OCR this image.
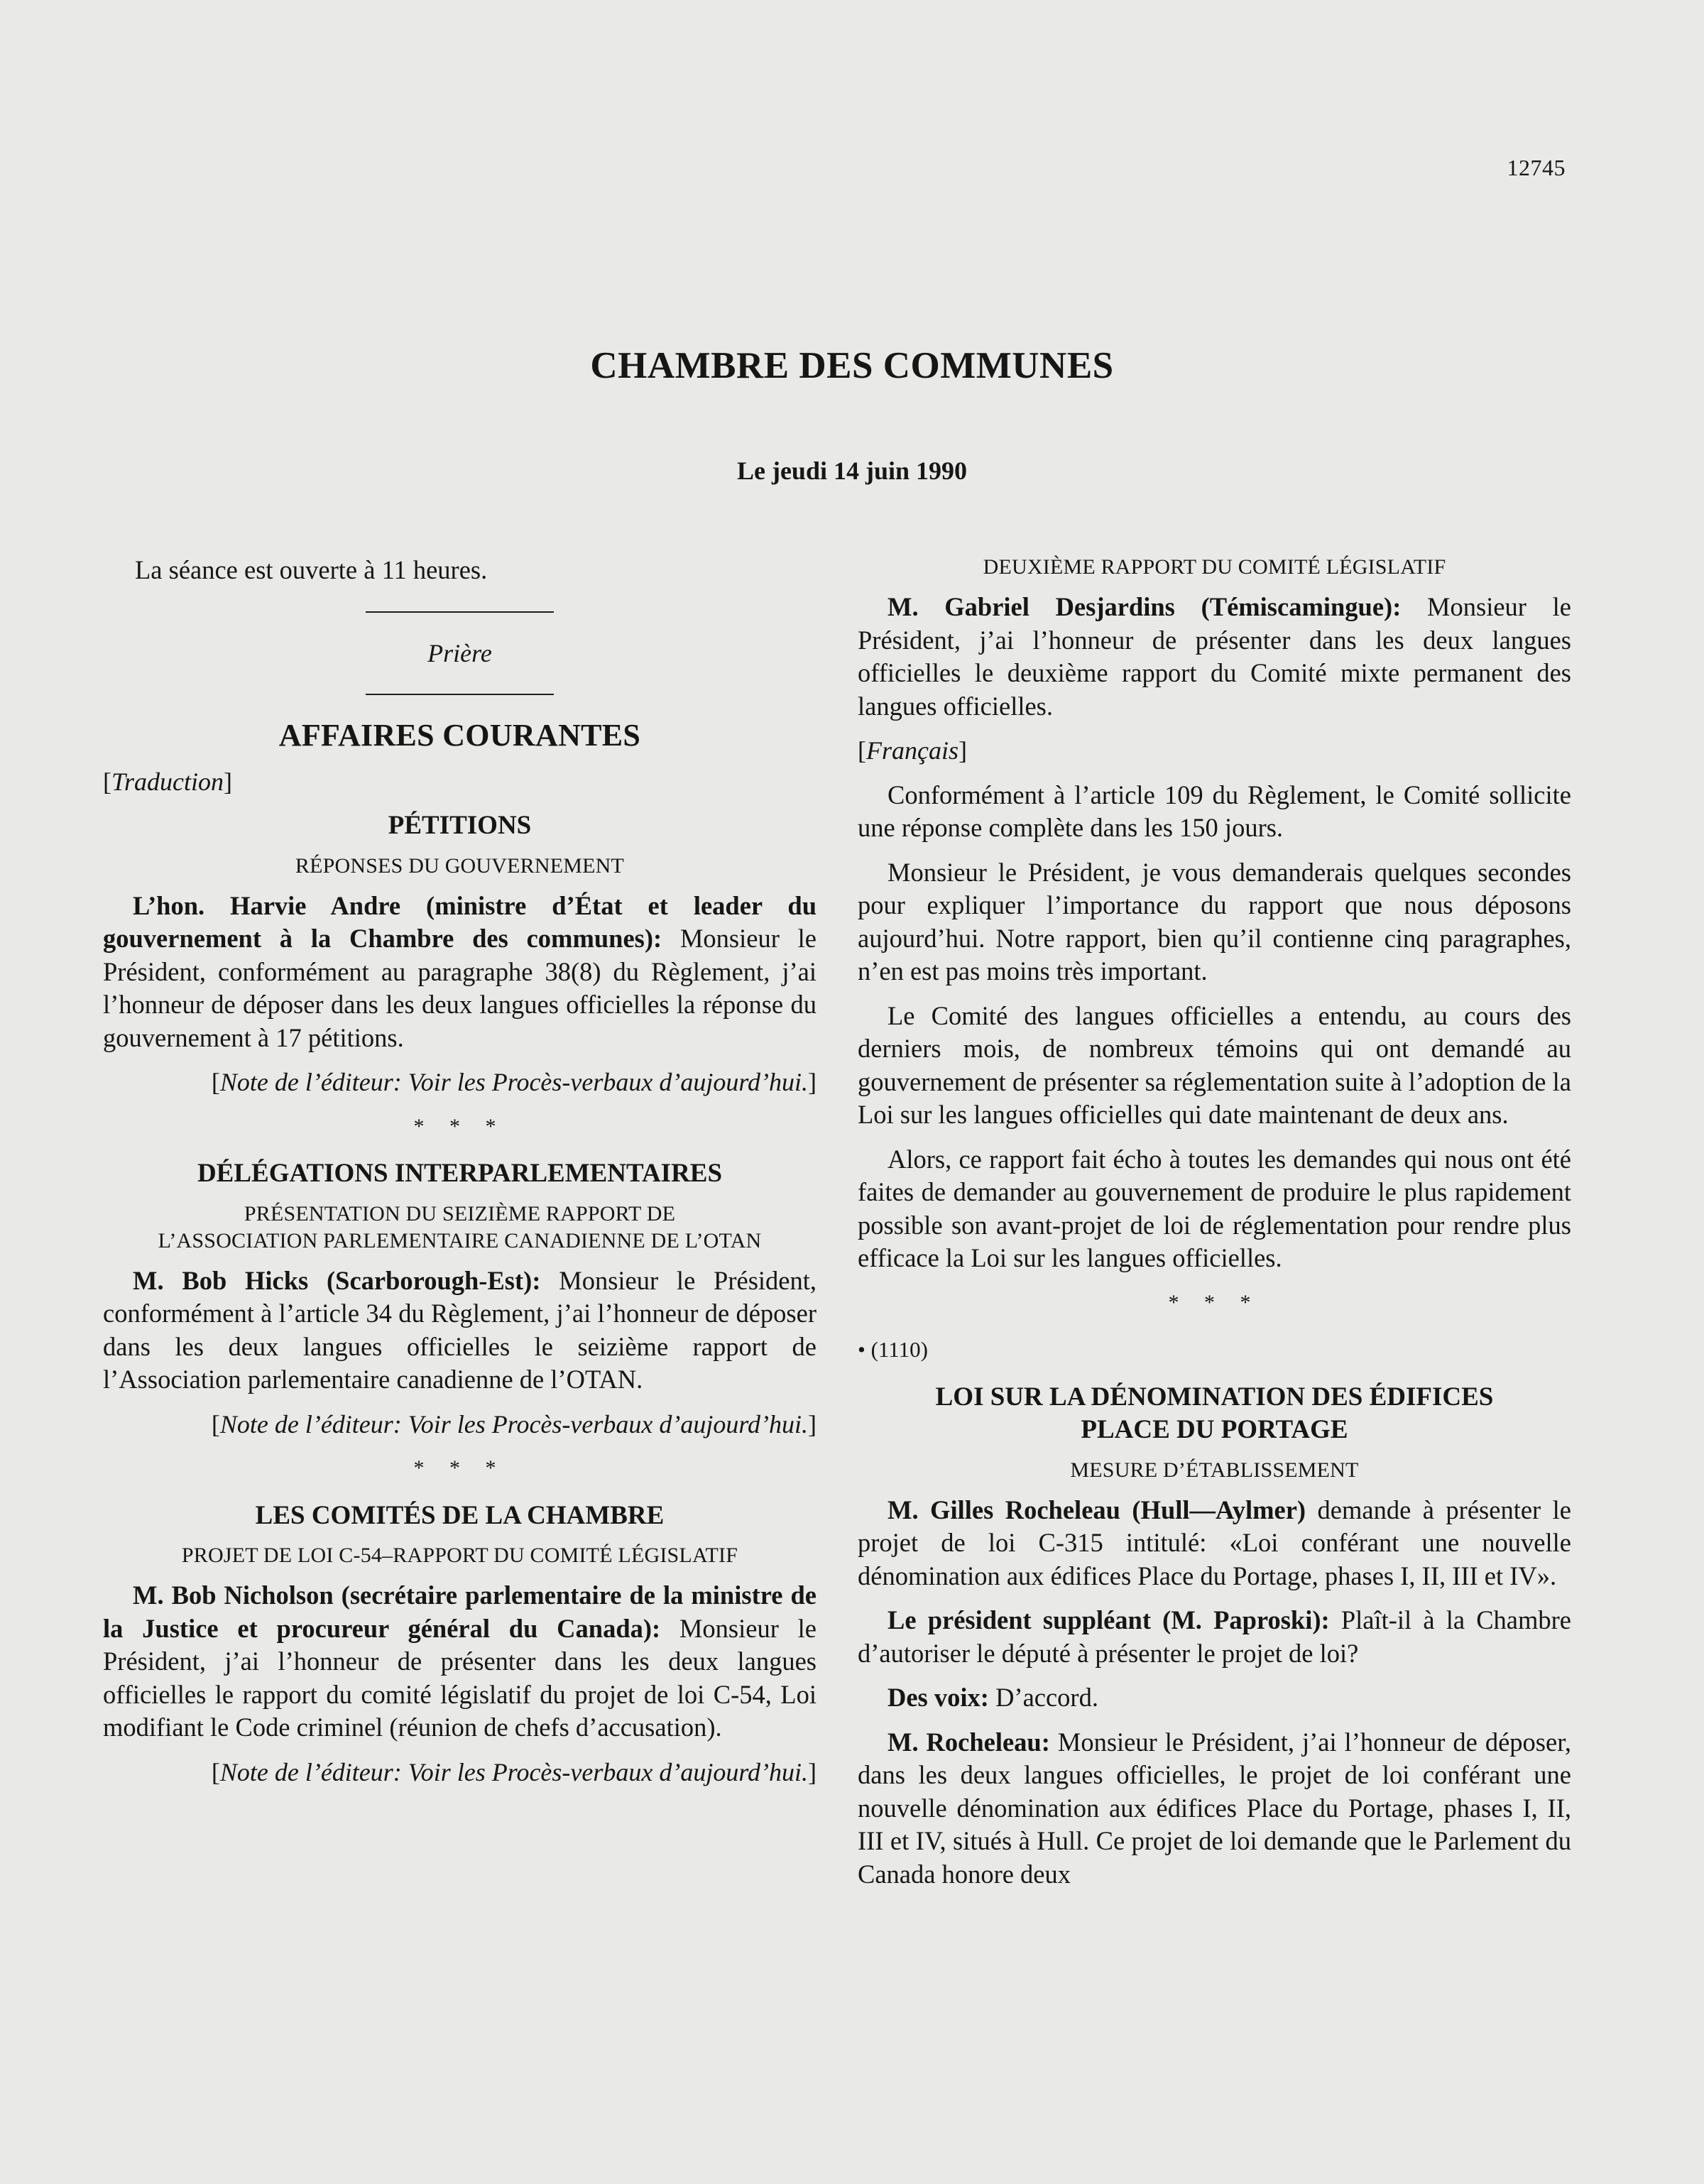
12745
CHAMBRE DES COMMUNES
Le jeudi 14 juin 1990

La séance est ouverte à 11 heures.

Prière
AFFAIRES COURANTES
[Traduction]
PÉTITIONS
RÉPONSES DU GOUVERNEMENT

L’hon. Harvie Andre (ministre d’État et leader du gouvernement à la Chambre des communes): Monsieur le Président, conformément au paragraphe 38(8) du Règlement, j’ai l’honneur de déposer dans les deux langues officielles la réponse du gouvernement à 17 pétitions.

[Note de l’éditeur: Voir les Procès-verbaux d’aujourd’hui.]

* * *
DÉLÉGATIONS INTERPARLEMENTAIRES
PRÉSENTATION DU SEIZIÈME RAPPORT DE
L’ASSOCIATION PARLEMENTAIRE CANADIENNE DE L’OTAN

M. Bob Hicks (Scarborough-Est): Monsieur le Président, conformément à l’article 34 du Règlement, j’ai l’honneur de déposer dans les deux langues officielles le seizième rapport de l’Association parlementaire canadienne de l’OTAN.

[Note de l’éditeur: Voir les Procès-verbaux d’aujourd’hui.]

* * *
LES COMITÉS DE LA CHAMBRE
PROJET DE LOI C-54–RAPPORT DU COMITÉ LÉGISLATIF

M. Bob Nicholson (secrétaire parlementaire de la ministre de la Justice et procureur général du Canada): Monsieur le Président, j’ai l’honneur de présenter dans les deux langues officielles le rapport du comité législatif du projet de loi C-54, Loi modifiant le Code criminel (réunion de chefs d’accusation).

[Note de l’éditeur: Voir les Procès-verbaux d’aujourd’hui.]

DEUXIÈME RAPPORT DU COMITÉ LÉGISLATIF

M. Gabriel Desjardins (Témiscamingue): Monsieur le Président, j’ai l’honneur de présenter dans les deux langues officielles le deuxième rapport du Comité mixte permanent des langues officielles.

[Français]

Conformément à l’article 109 du Règlement, le Comité sollicite une réponse complète dans les 150 jours.

Monsieur le Président, je vous demanderais quelques secondes pour expliquer l’importance du rapport que nous déposons aujourd’hui. Notre rapport, bien qu’il contienne cinq paragraphes, n’en est pas moins très important.

Le Comité des langues officielles a entendu, au cours des derniers mois, de nombreux témoins qui ont demandé au gouvernement de présenter sa réglementation suite à l’adoption de la Loi sur les langues officielles qui date maintenant de deux ans.

Alors, ce rapport fait écho à toutes les demandes qui nous ont été faites de demander au gouvernement de produire le plus rapidement possible son avant-projet de loi de réglementation pour rendre plus efficace la Loi sur les langues officielles.

* * *
• (1110)
LOI SUR LA DÉNOMINATION DES ÉDIFICES
PLACE DU PORTAGE
MESURE D’ÉTABLISSEMENT

M. Gilles Rocheleau (Hull—Aylmer) demande à présenter le projet de loi C-315 intitulé: «Loi conférant une nouvelle dénomination aux édifices Place du Portage, phases I, II, III et IV».

Le président suppléant (M. Paproski): Plaît-il à la Chambre d’autoriser le député à présenter le projet de loi?

Des voix: D’accord.

M. Rocheleau: Monsieur le Président, j’ai l’honneur de déposer, dans les deux langues officielles, le projet de loi conférant une nouvelle dénomination aux édifices Place du Portage, phases I, II, III et IV, situés à Hull. Ce projet de loi demande que le Parlement du Canada honore deux
